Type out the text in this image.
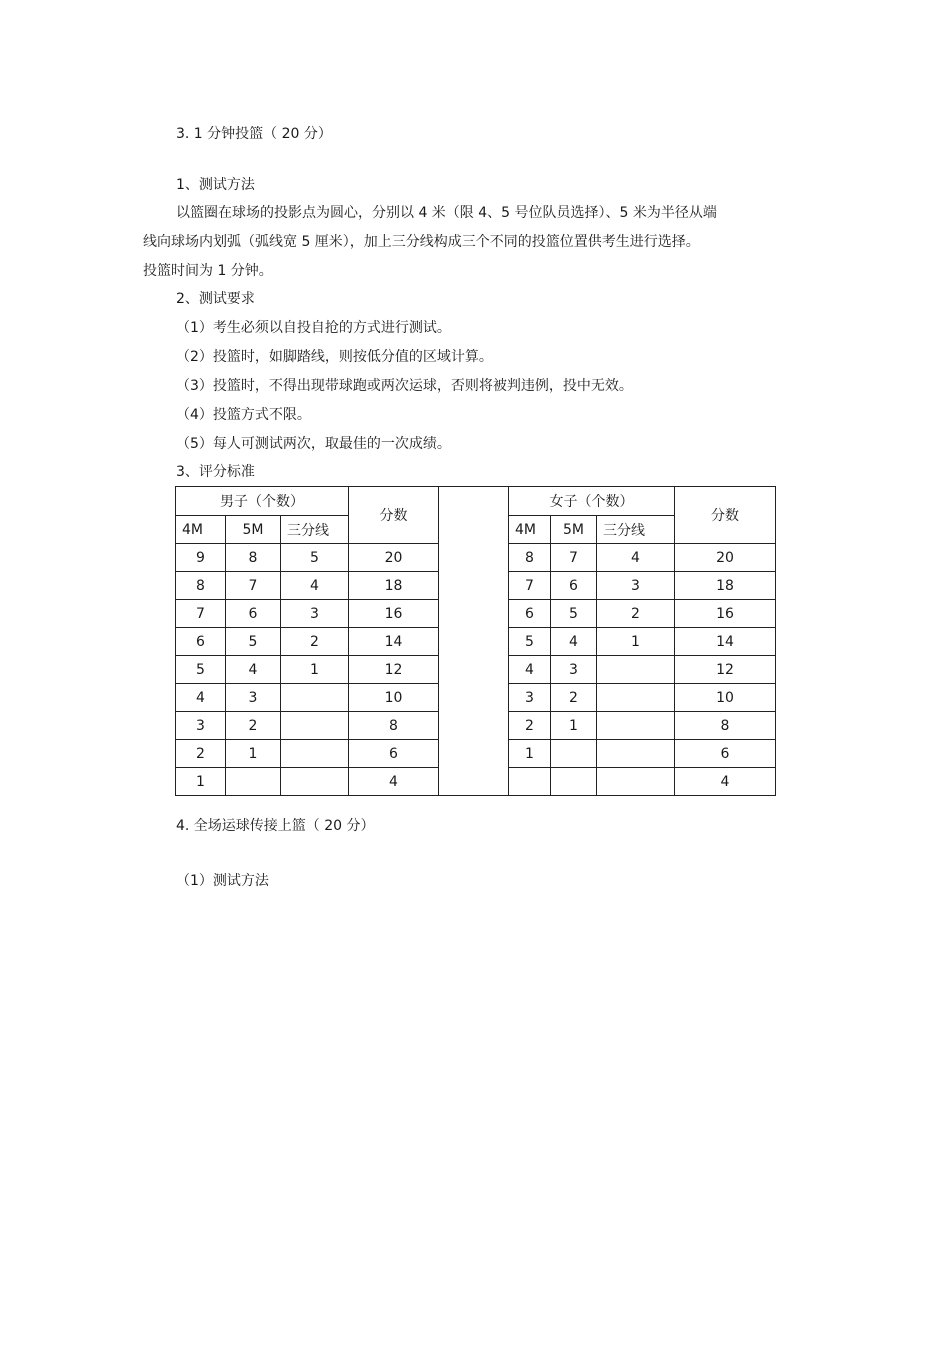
3. 1 分钟投篮（ 20 分）
1、测试方法
以篮圈在球场的投影点为圆心，分别以 4 米（限 4、5 号位队员选择）、5 米为半径从端
线向球场内划弧（弧线宽 5 厘米），加上三分线构成三个不同的投篮位置供考生进行选择。
投篮时间为 1 分钟。
2、测试要求
（1）考生必须以自投自抢的方式进行测试。
（2）投篮时，如脚踏线，则按低分值的区域计算。
（3）投篮时，不得出现带球跑或两次运球，否则将被判违例，投中无效。
（4）投篮方式不限。
（5）每人可测试两次，取最佳的一次成绩。
3、评分标准
男子（个数）			分数		女子（个数）			分数
4M	5M	三分线			4M	5M	三分线	
9	8	5	20		8	7	4	20
8	7	4	18		7	6	3	18
7	6	3	16		6	5	2	16
6	5	2	14		5	4	1	14
5	4	1	12		4	3		12
4	3		10		3	2		10
3	2		8		2	1		8
2	1		6		1			6
1			4					4
4. 全场运球传接上篮（ 20 分）
（1）测试方法
